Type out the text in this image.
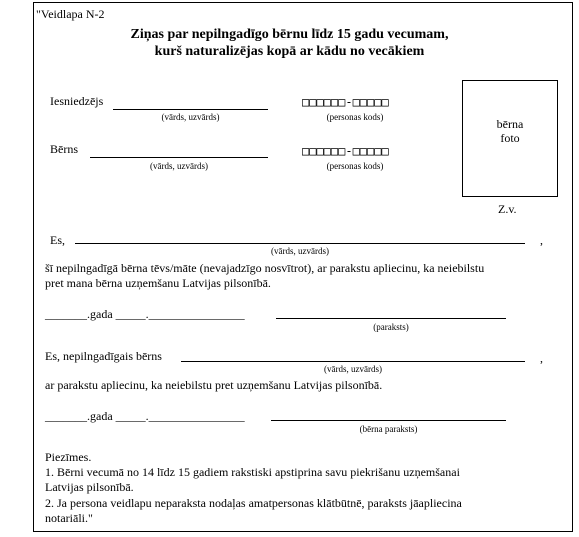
"Veidlapa N-2
Ziņas par nepilngadīgo bērnu līdz 15 gadu vecumam,
kurš naturalizējas kopā ar kādu no vecākiem
Iesniedzējs
(vārds, uzvārds)
□□□□□□-□□□□□
(personas kods)
Bērns
(vārds, uzvārds)
□□□□□□-□□□□□
(personas kods)
bērna
foto
Z.v.
Es,	,
(vārds, uzvārds)
šī nepilngadīgā bērna tēvs/māte (nevajadzīgo nosvītrot), ar parakstu apliecinu, ka neiebilstu
pret mana bērna uzņemšanu Latvijas pilsonībā.
_______.gada _____.________________
(paraksts)
Es, nepilngadīgais bērns	,
(vārds, uzvārds)
ar parakstu apliecinu, ka neiebilstu pret uzņemšanu Latvijas pilsonībā.
_______.gada _____.________________
(bērna paraksts)
Piezīmes.
1. Bērni vecumā no 14 līdz 15 gadiem rakstiski apstiprina savu piekrišanu uzņemšanai
Latvijas pilsonībā.
2. Ja persona veidlapu neparaksta nodaļas amatpersonas klātbūtnē, paraksts jāapliecina
notariāli."
